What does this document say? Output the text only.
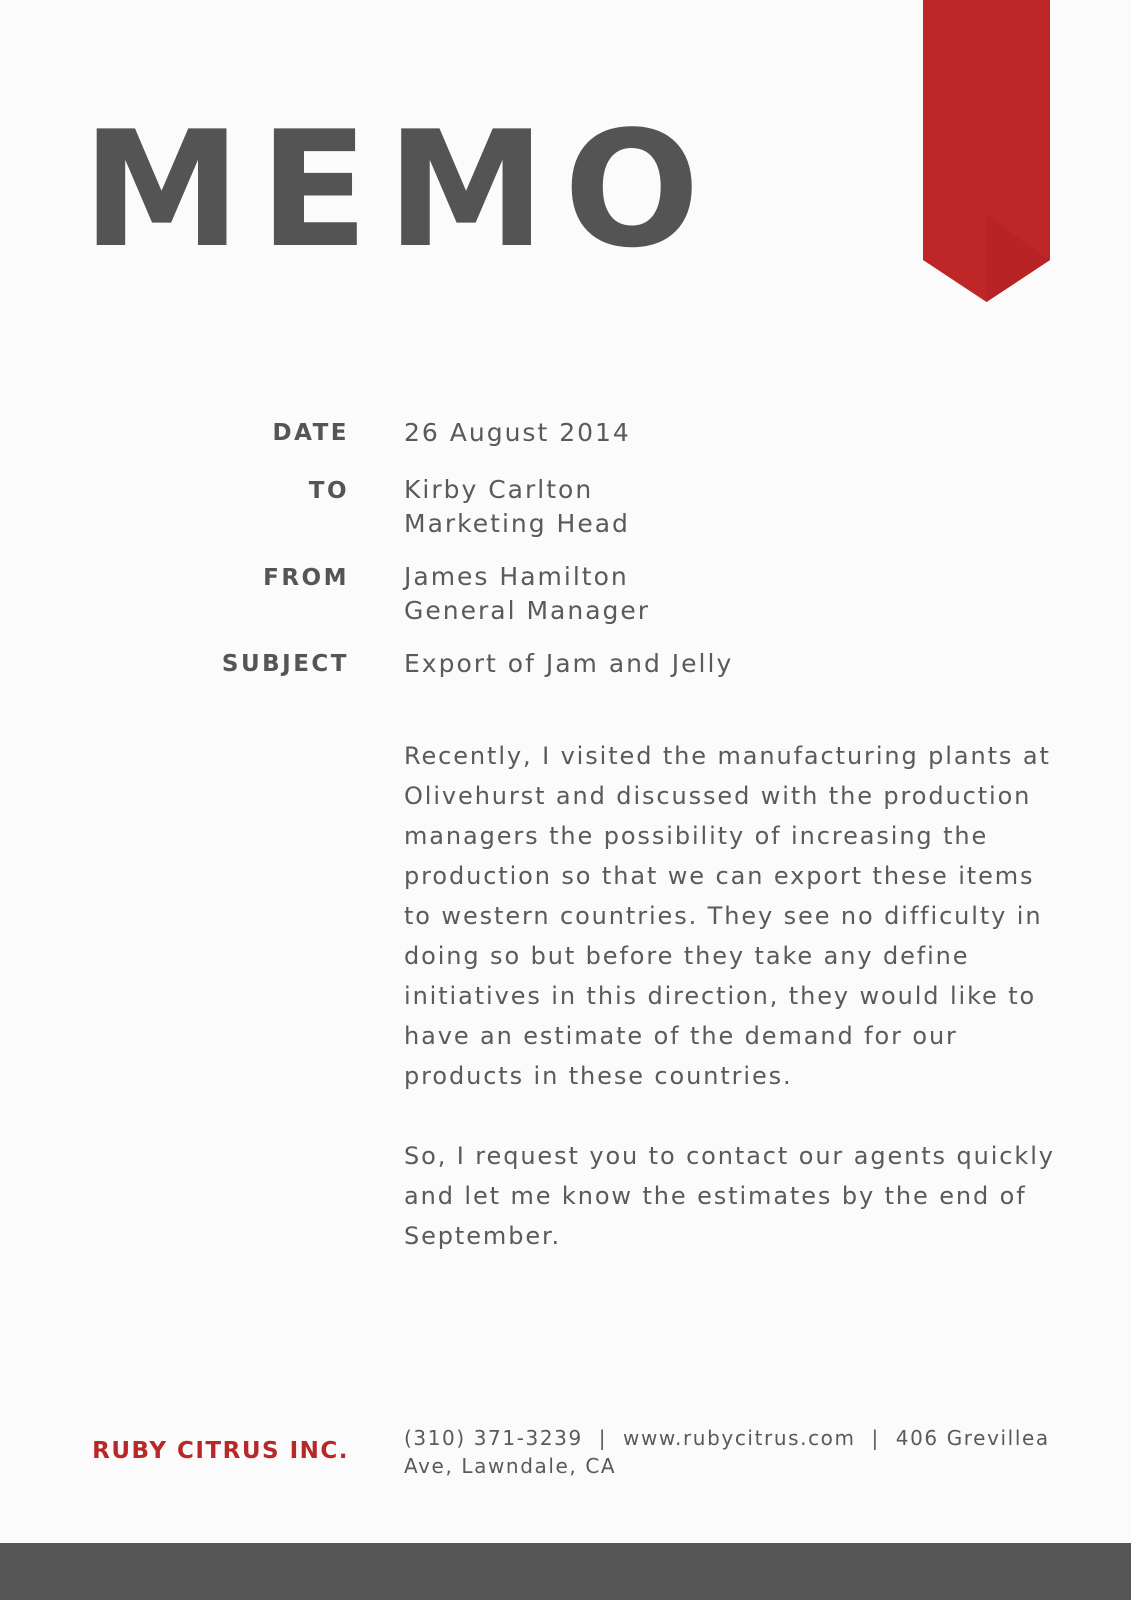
MEMO
DATE 26 August 2014
TO Kirby Carlton
Marketing Head
FROM James Hamilton
General Manager
SUBJECT Export of Jam and Jelly

Recently, I visited the manufacturing plants at Olivehurst and discussed with the production managers the possibility of increasing the production so that we can export these items to western countries. They see no difficulty in doing so but before they take any define initiatives in this direction, they would like to have an estimate of the demand for our products in these countries.

So, I request you to contact our agents quickly and let me know the estimates by the end of September.

RUBY CITRUS INC.	(310) 371-3239  |  www.rubycitrus.com  |  406 Grevillea Ave, Lawndale, CA
